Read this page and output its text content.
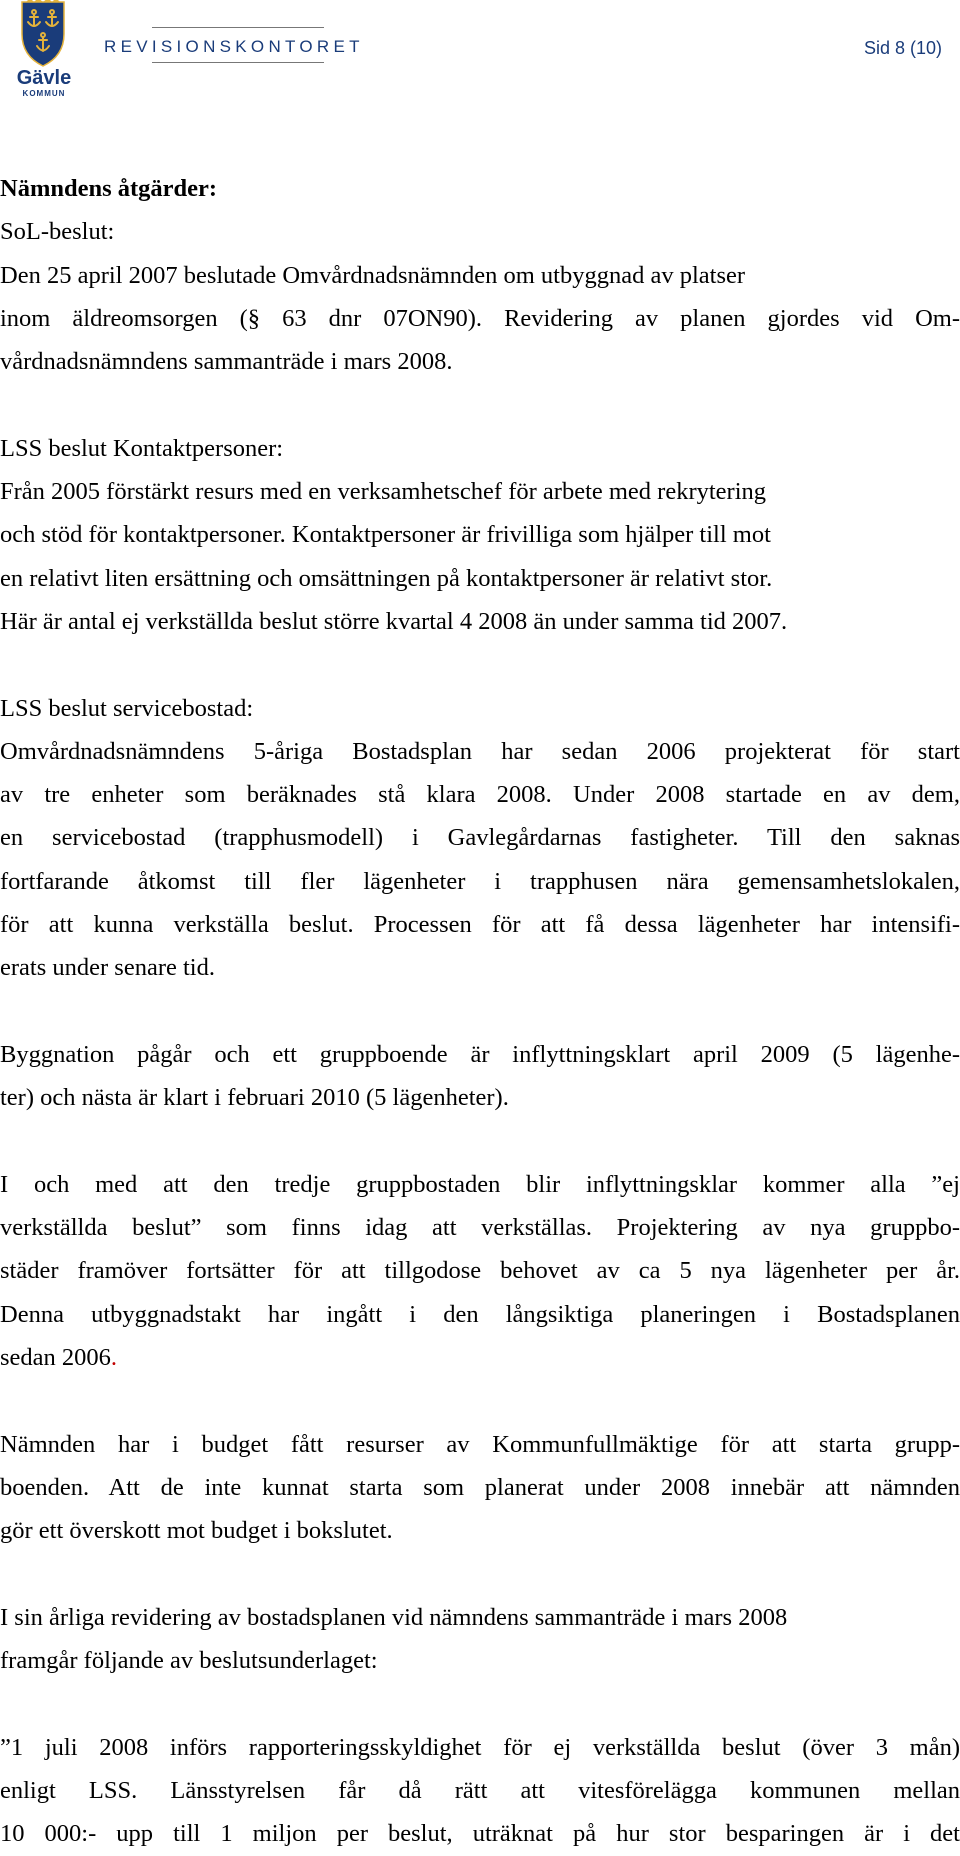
Gävle
KOMMUN
REVISIONSKONTORET	Sid 8 (10)

Nämndens åtgärder:

SoL-beslut:

Den 25 april 2007 beslutade Omvårdnadsnämnden om utbyggnad av platser

inom äldreomsorgen (§ 63 dnr 07ON90). Revidering av planen gjordes vid Om-

vårdnadsnämndens sammanträde i mars 2008.

LSS beslut Kontaktpersoner:

Från 2005 förstärkt resurs med en verksamhetschef för arbete med rekrytering

och stöd för kontaktpersoner. Kontaktpersoner är frivilliga som hjälper till mot

en relativt liten ersättning och omsättningen på kontaktpersoner är relativt stor.

Här är antal ej verkställda beslut större kvartal 4 2008 än under samma tid 2007.

LSS beslut servicebostad:

Omvårdnadsnämndens 5-åriga Bostadsplan har sedan 2006 projekterat för start

av tre enheter som beräknades stå klara 2008. Under 2008 startade en av dem,

en servicebostad (trapphusmodell) i Gavlegårdarnas fastigheter. Till den saknas

fortfarande åtkomst till fler lägenheter i trapphusen nära gemensamhetslokalen,

för att kunna verkställa beslut. Processen för att få dessa lägenheter har intensifi-

erats under senare tid.

Byggnation pågår och ett gruppboende är inflyttningsklart april 2009 (5 lägenhe-

ter) och nästa är klart i februari 2010 (5 lägenheter).

I och med att den tredje gruppbostaden blir inflyttningsklar kommer alla ”ej

verkställda beslut” som finns idag att verkställas. Projektering av nya gruppbo-

städer framöver fortsätter för att tillgodose behovet av ca 5 nya lägenheter per år.

Denna utbyggnadstakt har ingått i den långsiktiga planeringen i Bostadsplanen

sedan 2006.

Nämnden har i budget fått resurser av Kommunfullmäktige för att starta grupp-

boenden. Att de inte kunnat starta som planerat under 2008 innebär att nämnden

gör ett överskott mot budget i bokslutet.

I sin årliga revidering av bostadsplanen vid nämndens sammanträde i mars 2008

framgår följande av beslutsunderlaget:

”1 juli 2008 införs rapporteringsskyldighet för ej verkställda beslut (över 3 mån)

enligt LSS. Länsstyrelsen får då rätt att vitesförelägga kommunen mellan

10 000:- upp till 1 miljon per beslut, uträknat på hur stor besparingen är i det
